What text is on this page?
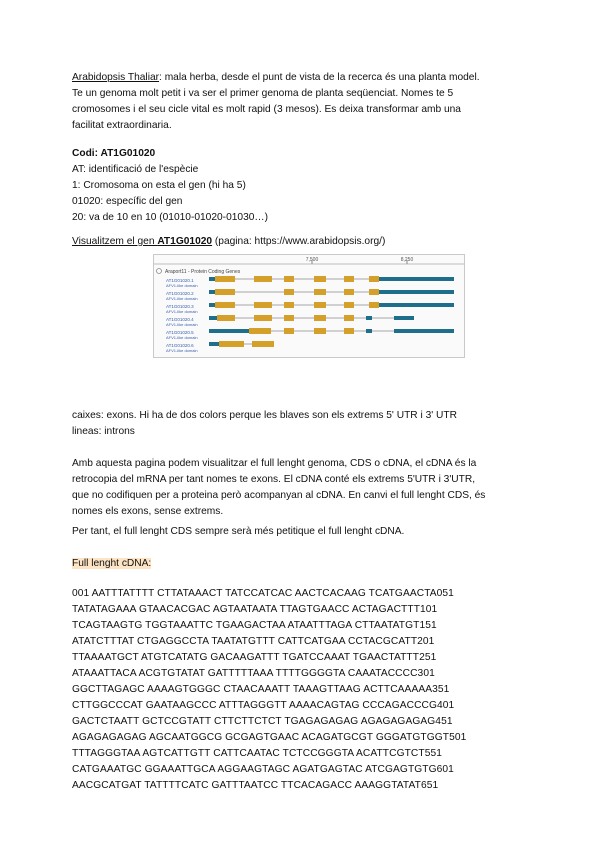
Arabidopsis Thaliar: mala herba, desde el punt de vista de la recerca és una planta model.
Te un genoma molt petit i va ser el primer genoma de planta seqüenciat. Nomes te 5
cromosomes i el seu cicle vital es molt rapid (3 mesos). Es deixa transformar amb una
facilitat extraordinaria.
Codi: AT1G01020
AT: identificació de l'espècie
1: Cromosoma on esta el gen (hi ha 5)
01020: específic del gen
20: va de 10 en 10 (01010-01020-01030…)
Visualitzem el gen AT1G01020 (pagina: https://www.arabidopsis.org/)
7,500	8,250
Araport11 - Protein Coding Genes
AT1G01020.1
AFV1-like domain
AT1G01020.2
AFV1-like domain
AT1G01020.3
AFV1-like domain
AT1G01020.4
AFV1-like domain
AT1G01020.5
AFV1-like domain
AT1G01020.6
AFV1-like domain
caixes: exons. Hi ha de dos colors perque les blaves son els extrems 5' UTR i 3' UTR
lineas: introns
Amb aquesta pagina podem visualitzar el full lenght genoma, CDS o cDNA, el cDNA és la
retrocopia del mRNA per tant nomes te exons. El cDNA conté els extrems 5'UTR i 3'UTR,
que no codifiquen per a proteina però acompanyan al cDNA. En canvi el full lenght CDS, és
nomes els exons, sense extrems.
Per tant, el full lenght CDS sempre serà més petitique el full lenght cDNA.
Full lenght cDNA:
001 AATTTATTTT CTTATAAACT TATCCATCAC AACTCACAAG TCATGAACTA051
TATATAGAAA GTAACACGAC AGTAATAATA TTAGTGAACC ACTAGACTTT101
TCAGTAAGTG TGGTAAATTC TGAAGACTAA ATAATTTAGA CTTAATATGT151
ATATCTTTAT CTGAGGCCTA TAATATGTTT CATTCATGAA CCTACGCATT201
TTAAAATGCT ATGTCATATG GACAAGATTT TGATCCAAAT TGAACTATTT251
ATAAATTACA ACGTGTATAT GATTTTTAAA TTTTGGGGTA CAAATACCCC301
GGCTTAGAGC AAAAGTGGGC CTAACAAATT TAAAGTTAAG ACTTCAAAAA351
CTTGGCCCAT GAATAAGCCC ATTTAGGGTT AAAACAGTAG CCCAGACCCG401
GACTCTAATT GCTCCGTATT CTTCTTCTCT TGAGAGAGAG AGAGAGAGAG451
AGAGAGAGAG AGCAATGGCG GCGAGTGAAC ACAGATGCGT GGGATGTGGT501
TTTAGGGTAA AGTCATTGTT CATTCAATAC TCTCCGGGTA ACATTCGTCT551
CATGAAATGC GGAAATTGCA AGGAAGTAGC AGATGAGTAC ATCGAGTGTG601
AACGCATGAT TATTTTCATC GATTTAATCC TTCACAGACC AAAGGTATAT651
